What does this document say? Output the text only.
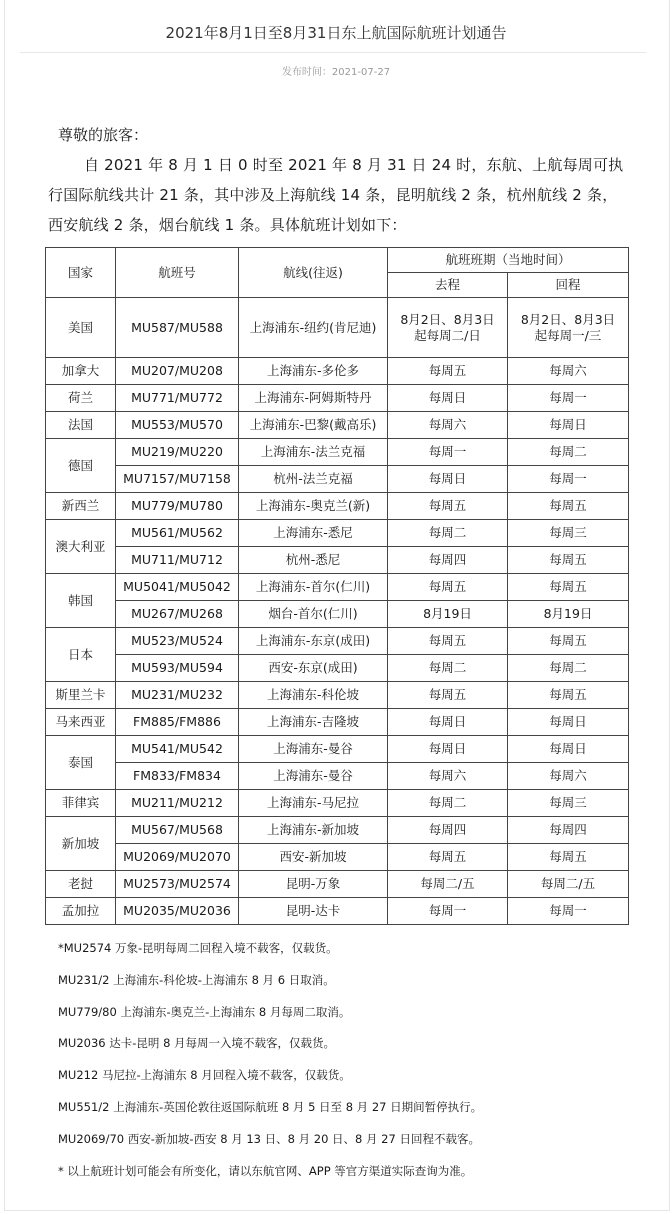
2021年8月1日至8月31日东上航国际航班计划通告
发布时间：2021-07-27
尊敬的旅客：
自 2021 年 8 月 1 日 0 时至 2021 年 8 月 31 日 24 时，东航、上航每周可执行国际航线共计 21 条，其中涉及上海航线 14 条，昆明航线 2 条，杭州航线 2 条，西安航线 2 条，烟台航线 1 条。具体航班计划如下：
国家	航班号	航线(往返)	航班班期（当地时间）	
			去程	回程
美国	MU587/MU588	上海浦东-纽约(肯尼迪)	8月2日、8月3日起每周二/日	8月2日、8月3日起每周一/三
加拿大	MU207/MU208	上海浦东-多伦多	每周五	每周六
荷兰	MU771/MU772	上海浦东-阿姆斯特丹	每周日	每周一
法国	MU553/MU570	上海浦东-巴黎(戴高乐)	每周六	每周日
德国	MU219/MU220	上海浦东-法兰克福	每周一	每周二
	MU7157/MU7158	杭州-法兰克福	每周日	每周一
新西兰	MU779/MU780	上海浦东-奥克兰(新)	每周五	每周五
澳大利亚	MU561/MU562	上海浦东-悉尼	每周二	每周三
	MU711/MU712	杭州-悉尼	每周四	每周五
韩国	MU5041/MU5042	上海浦东-首尔(仁川)	每周五	每周五
	MU267/MU268	烟台-首尔(仁川)	8月19日	8月19日
日本	MU523/MU524	上海浦东-东京(成田)	每周五	每周五
	MU593/MU594	西安-东京(成田)	每周二	每周二
斯里兰卡	MU231/MU232	上海浦东-科伦坡	每周五	每周五
马来西亚	FM885/FM886	上海浦东-吉隆坡	每周日	每周日
泰国	MU541/MU542	上海浦东-曼谷	每周日	每周日
	FM833/FM834	上海浦东-曼谷	每周六	每周六
菲律宾	MU211/MU212	上海浦东-马尼拉	每周二	每周三
新加坡	MU567/MU568	上海浦东-新加坡	每周四	每周四
	MU2069/MU2070	西安-新加坡	每周五	每周五
老挝	MU2573/MU2574	昆明-万象	每周二/五	每周二/五
孟加拉	MU2035/MU2036	昆明-达卡	每周一	每周一
*MU2574 万象-昆明每周二回程入境不载客，仅载货。
MU231/2 上海浦东-科伦坡-上海浦东 8 月 6 日取消。
MU779/80 上海浦东-奥克兰-上海浦东 8 月每周二取消。
MU2036 达卡-昆明 8 月每周一入境不载客，仅载货。
MU212 马尼拉-上海浦东 8 月回程入境不载客，仅载货。
MU551/2 上海浦东-英国伦敦往返国际航班 8 月 5 日至 8 月 27 日期间暂停执行。
MU2069/70 西安-新加坡-西安 8 月 13 日、8 月 20 日、8 月 27 日回程不载客。
* 以上航班计划可能会有所变化，请以东航官网、APP 等官方渠道实际查询为准。
